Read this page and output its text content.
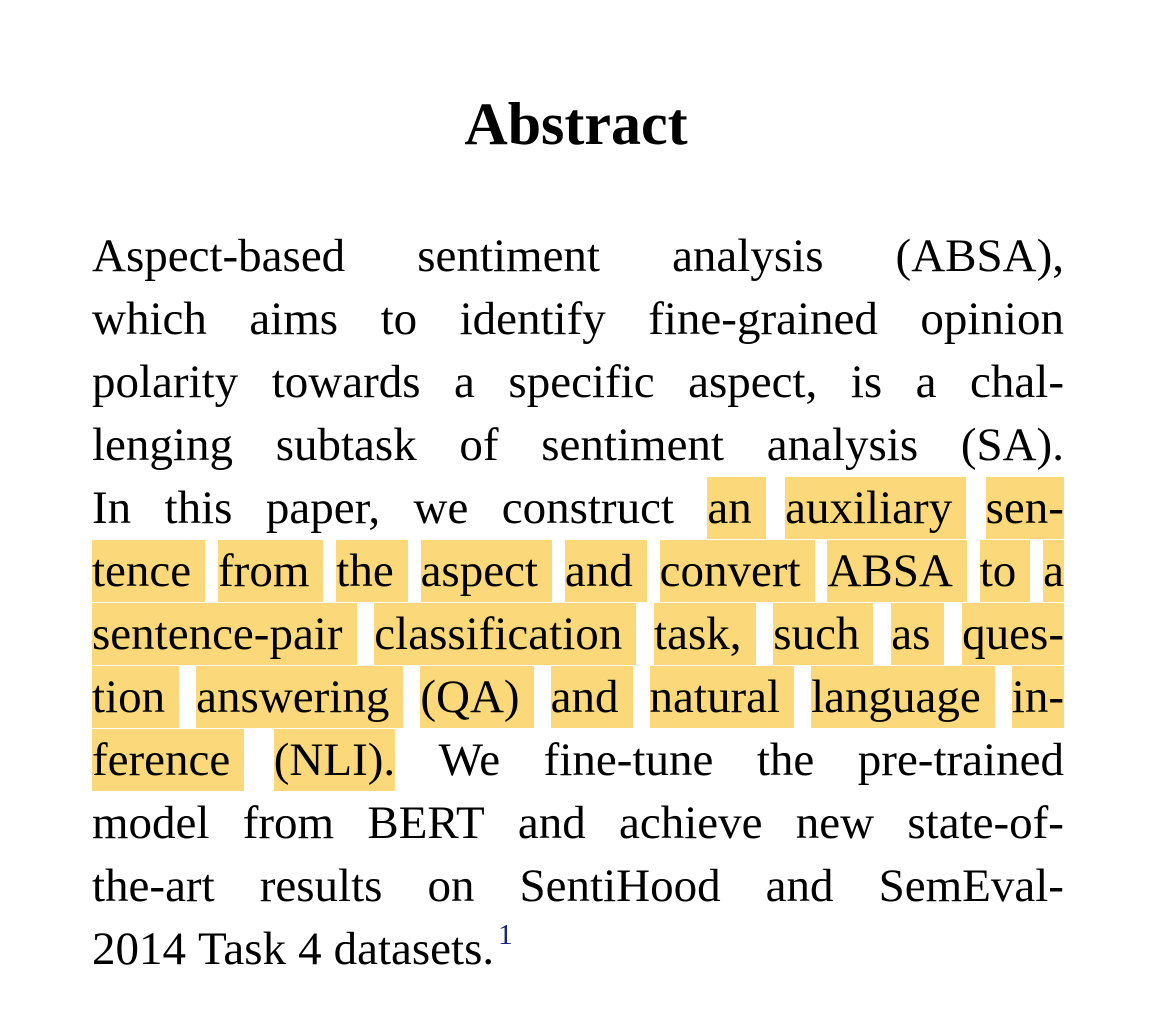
Abstract
Aspect-based sentiment analysis (ABSA),
which aims to identify fine-grained opinion
polarity towards a specific aspect, is a chal-
lenging subtask of sentiment analysis (SA).
In this paper, we construct an auxiliary sen-
tence from the aspect and convert ABSA to a
sentence-pair classification task, such as ques-
tion answering (QA) and natural language in-
ference (NLI). We fine-tune the pre-trained
model from BERT and achieve new state-of-
the-art results on SentiHood and SemEval-
2014 Task 4 datasets. 1
